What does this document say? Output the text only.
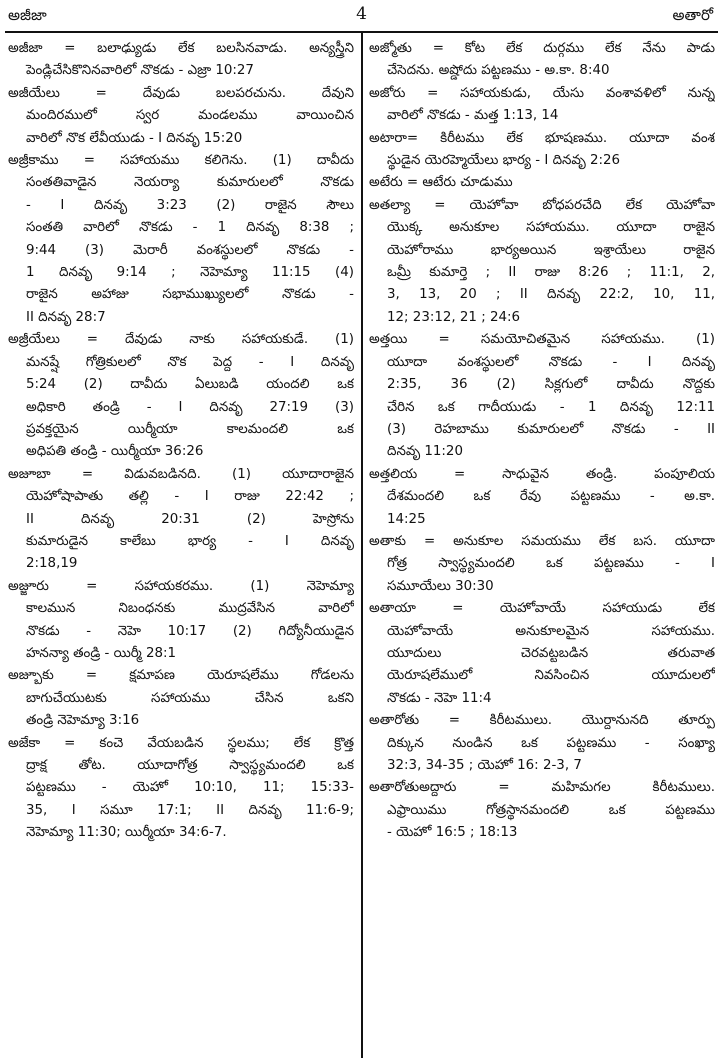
అజీజా	4	అతారో
అజీజా = బలాఢ్యుడు లేక బలసినవాడు. అన్యస్త్రీని
పెండ్లిచేసికొనినవారిలో నొకడు - ఎజ్రా 10:27
అజీయేలు = దేవుడు బలపరచును. దేవుని
మందిరములో స్వర మండలము వాయించిన
వారిలో నొక లేవీయుడు - I దినవృ 15:20
అజ్రీకాము = సహాయము కలిగెను. (1) దావీదు
సంతతివాడైన నెయర్యా కుమారులలో నొకడు
- I దినవృ 3:23 (2) రాజైన సౌలు
సంతతి వారిలో నొకడు - 1 దినవృ 8:38 ;
9:44 (3) మెరారీ వంశస్థులలో నొకడు -
1 దినవృ 9:14 ; నెహెమ్యా 11:15 (4)
రాజైన అహాజు సభాముఖ్యులలో నొకడు -
II దినవృ 28:7
అజ్రీయేలు = దేవుడు నాకు సహాయకుడే. (1)
మనష్షే గోత్రికులలో నొక పెద్ద - I దినవృ
5:24 (2) దావీదు ఏలుబడి యందలి ఒక
అధికారి తండ్రి - I దినవృ 27:19 (3)
ప్రవక్తయైన యిర్మీయా కాలమందలి ఒక
అధిపతి తండ్రి - యిర్మీయా 36:26
అజూబా = విడువబడినది. (1) యూదారాజైన
యెహోషాపాతు తల్లి - I రాజు 22:42 ;
II దినవృ 20:31 (2) హెస్రోను
కుమారుడైన కాలేబు భార్య - I దినవృ
2:18,19
అజ్జూరు = సహాయకరము. (1) నెహెమ్యా
కాలమున నిబంధనకు ముద్రవేసిన వారిలో
నొకడు - నెహె 10:17 (2) గిద్యోనీయుడైన
హనన్యా తండ్రి - యిర్మీ 28:1
అజ్బూకు = క్షమాపణ యెరూషలేము గోడలను
బాగుచేయుటకు సహాయము చేసిన ఒకని
తండ్రి నెహెమ్యా 3:16
అజేకా = కంచె వేయబడిన స్థలము; లేక క్రొత్త
ద్రాక్ష తోట. యూదాగోత్ర స్వాస్థ్యమందలి ఒక
పట్టణము - యెహో 10:10, 11; 15:33-
35, I సమూ 17:1; II దినవృ 11:6-9;
నెహెమ్యా 11:30; యిర్మీయా 34:6-7.
అజ్మోతు = కోట లేక దుర్గము లేక నేను పాడు
చేసెదను. అష్డోదు పట్టణము - అ.కా. 8:40
అజోరు = సహాయకుడు, యేసు వంశావళిలో నున్న
వారిలో నొకడు - మత్త 1:13, 14
అటారా= కిరీటము లేక భూషణము. యూదా వంశ
స్థుడైన యెరహ్మెయేలు భార్య - I దినవృ 2:26
అటేరు = ఆటేరు చూడుము
అతల్యా = యెహోవా బోధపరచేది లేక యెహోవా
యొక్క అనుకూల సహాయము. యూదా రాజైన
యెహోరాము భార్యఅయిన ఇశ్రాయేలు రాజైన
ఒమ్రీ కుమార్తె ; II రాజు 8:26 ; 11:1, 2,
3, 13, 20 ; II దినవృ 22:2, 10, 11,
12; 23:12, 21 ; 24:6
అత్తయి = సమయోచితమైన సహాయము. (1)
యూదా వంశస్థులలో నొకడు - I దినవృ
2:35, 36 (2) సిక్లగులో దావీదు నొద్దకు
చేరిన ఒక గాదీయుడు - 1 దినవృ 12:11
(3) రెహబాము కుమారులలో నొకడు - II
దినవృ 11:20
అత్తలియ = సాధువైన తండ్రి. పంపూలియ
దేశమందలి ఒక రేవు పట్టణము - అ.కా.
14:25
అతాకు = అనుకూల సమయము లేక బస. యూదా
గోత్ర స్వాస్థ్యమందలి ఒక పట్టణము - I
సమూయేలు 30:30
అతాయా = యెహోవాయే సహాయుడు లేక
యెహోవాయే అనుకూలమైన సహాయము.
యూదులు చెరవట్టబడిన తరువాత
యెరూషలేములో నివసించిన యూదులలో
నొకడు - నెహె 11:4
అతారోతు = కిరీటములు. యొర్దానునది తూర్పు
దిక్కున నుండిన ఒక పట్టణము - సంఖ్యా
32:3, 34-35 ; యెహో 16: 2-3, 7
అతారోతుఅద్దారు = మహిమగల కిరీటములు.
ఎఫ్రాయిము గోత్రస్థానమందలి ఒక పట్టణము
- యెహో 16:5 ; 18:13
